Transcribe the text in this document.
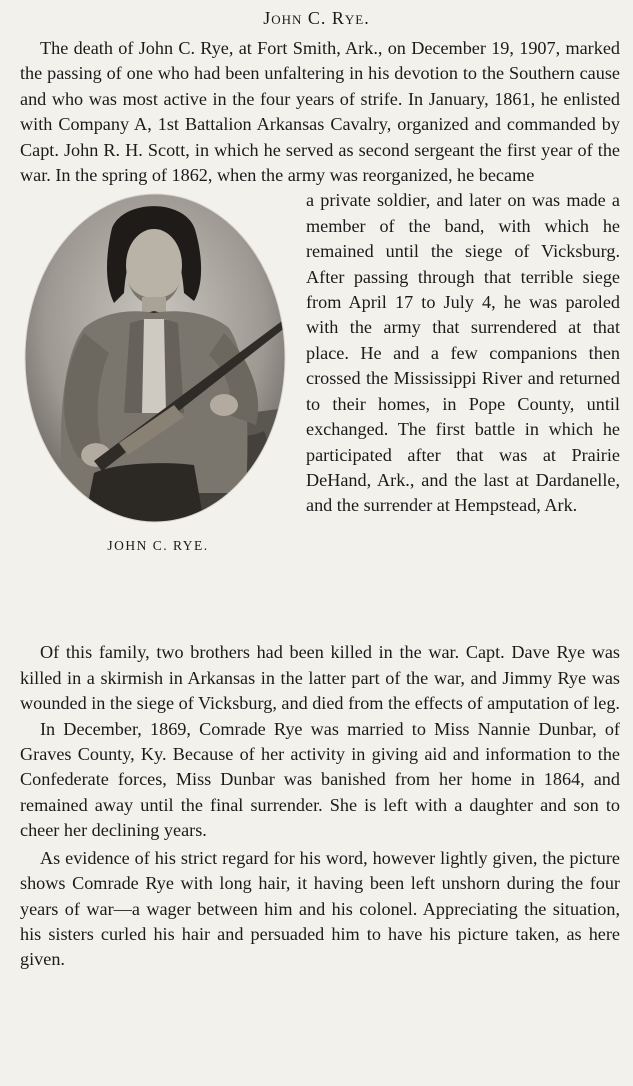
John C. Rye.

The death of John C. Rye, at Fort Smith, Ark., on December 19, 1907, marked the passing of one who had been unfaltering in his devotion to the Southern cause and who was most active in the four years of strife. In January, 1861, he enlisted with Company A, 1st Battalion Arkansas Cavalry, organized and commanded by Capt. John R. H. Scott, in which he served as second sergeant the first year of the war. In the spring of 1862, when the army was reorganized, he became

JOHN C. RYE.

a private soldier, and later on was made a member of the band, with which he remained until the siege of Vicksburg. After passing through that terrible siege from April 17 to July 4, he was paroled with the army that surrendered at that place. He and a few companions then crossed the Mississippi River and returned to their homes, in Pope County, until exchanged. The first battle in which he participated after that was at Prairie DeHand, Ark., and the last at Dardanelle, and the surrender at Hempstead, Ark.

Of this family, two brothers had been killed in the war. Capt. Dave Rye was killed in a skirmish in Arkansas in the latter part of the war, and Jimmy Rye was wounded in the siege of Vicksburg, and died from the effects of amputation of leg.

In December, 1869, Comrade Rye was married to Miss Nannie Dunbar, of Graves County, Ky. Because of her activity in giving aid and information to the Confederate forces, Miss Dunbar was banished from her home in 1864, and remained away until the final surrender. She is left with a daughter and son to cheer her declining years.

As evidence of his strict regard for his word, however lightly given, the picture shows Comrade Rye with long hair, it having been left unshorn during the four years of war—a wager between him and his colonel. Appreciating the situation, his sisters curled his hair and persuaded him to have his picture taken, as here given.
